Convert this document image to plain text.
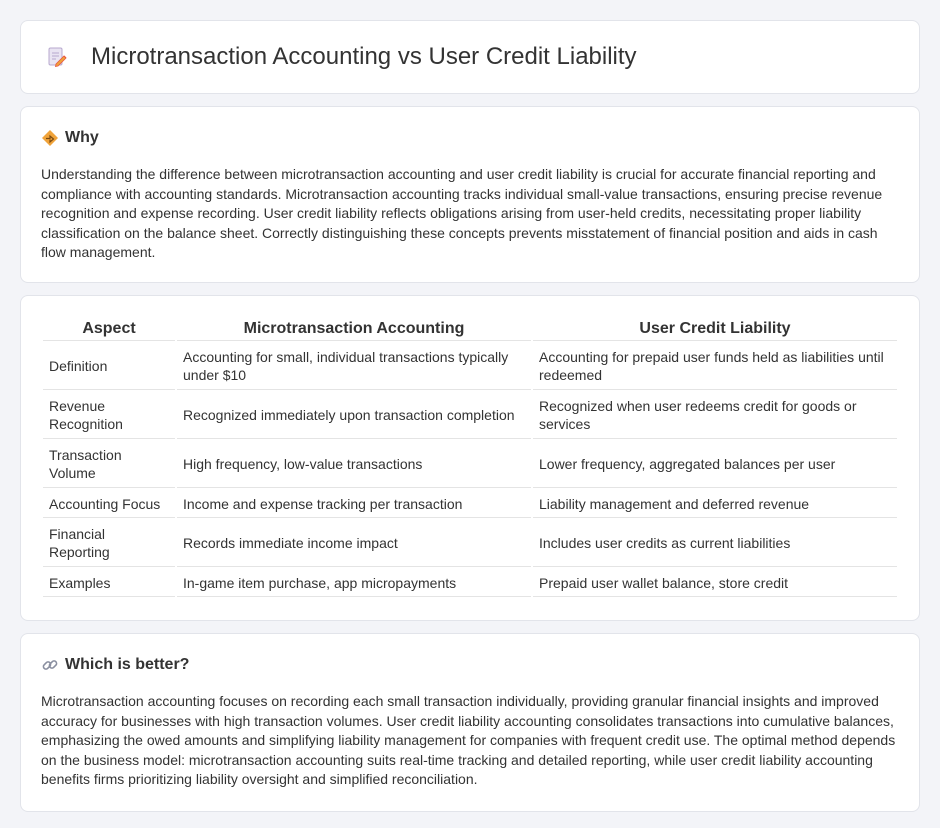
Microtransaction Accounting vs User Credit Liability
Why

Understanding the difference between microtransaction accounting and user credit liability is crucial for accurate financial reporting and compliance with accounting standards. Microtransaction accounting tracks individual small-value transactions, ensuring precise revenue recognition and expense recording. User credit liability reflects obligations arising from user-held credits, necessitating proper liability classification on the balance sheet. Correctly distinguishing these concepts prevents misstatement of financial position and aids in cash flow management.

Aspect	Microtransaction Accounting	User Credit Liability
Definition	Accounting for small, individual transactions typically under $10	Accounting for prepaid user funds held as liabilities until redeemed
Revenue Recognition	Recognized immediately upon transaction completion	Recognized when user redeems credit for goods or services
Transaction Volume	High frequency, low-value transactions	Lower frequency, aggregated balances per user
Accounting Focus	Income and expense tracking per transaction	Liability management and deferred revenue
Financial Reporting	Records immediate income impact	Includes user credits as current liabilities
Examples	In-game item purchase, app micropayments	Prepaid user wallet balance, store credit
Which is better?

Microtransaction accounting focuses on recording each small transaction individually, providing granular financial insights and improved accuracy for businesses with high transaction volumes. User credit liability accounting consolidates transactions into cumulative balances, emphasizing the owed amounts and simplifying liability management for companies with frequent credit use. The optimal method depends on the business model: microtransaction accounting suits real-time tracking and detailed reporting, while user credit liability accounting benefits firms prioritizing liability oversight and simplified reconciliation.
